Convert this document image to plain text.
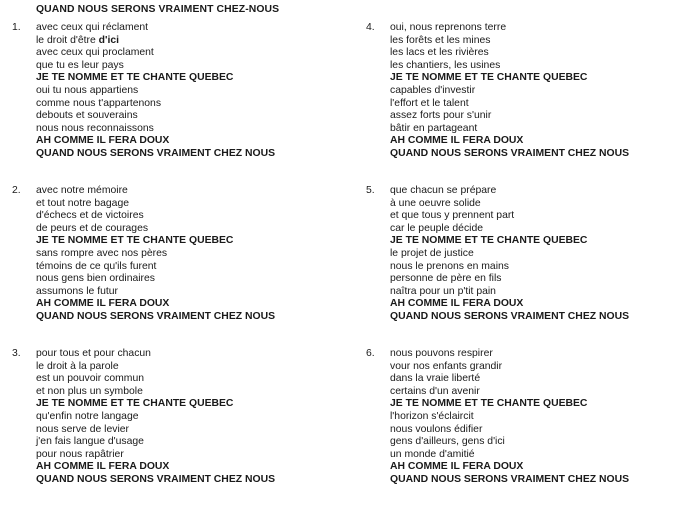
QUAND NOUS SERONS VRAIMENT CHEZ-NOUS
1.	avec ceux qui réclament
le droit d'être d'ici
avec ceux qui proclament
que tu es leur pays
JE TE NOMME ET TE CHANTE QUEBEC
oui tu nous appartiens
comme nous t'appartenons
debouts et souverains
nous nous reconnaissons
AH COMME IL FERA DOUX
QUAND NOUS SERONS VRAIMENT CHEZ NOUS
2.	avec notre mémoire
et tout notre bagage
d'échecs et de victoires
de peurs et de courages
JE TE NOMME ET TE CHANTE QUEBEC
sans rompre avec nos pères
témoins de ce qu'ils furent
nous gens bien ordinaires
assumons le futur
AH COMME IL FERA DOUX
QUAND NOUS SERONS VRAIMENT CHEZ NOUS
3.	pour tous et pour chacun
le droit à la parole
est un pouvoir commun
et non plus un symbole
JE TE NOMME ET TE CHANTE QUEBEC
qu'enfin notre langage
nous serve de levier
j'en fais langue d'usage
pour nous rapâtrier
AH COMME IL FERA DOUX
QUAND NOUS SERONS VRAIMENT CHEZ NOUS
4.	oui, nous reprenons terre
les forêts et les mines
les lacs et les rivières
les chantiers, les usines
JE TE NOMME ET TE CHANTE QUEBEC
capables d'investir
l'effort et le talent
assez forts pour s'unir
bâtir en partageant
AH COMME IL FERA DOUX
QUAND NOUS SERONS VRAIMENT CHEZ NOUS
5.	que chacun se prépare
à une oeuvre solide
et que tous y prennent part
car le peuple décide
JE TE NOMME ET TE CHANTE QUEBEC
le projet de justice
nous le prenons en mains
personne de père en fils
naîtra pour un p'tit pain
AH COMME IL FERA DOUX
QUAND NOUS SERONS VRAIMENT CHEZ NOUS
6.	nous pouvons respirer
vour nos enfants grandir
dans la vraie liberté
certains d'un avenir
JE TE NOMME ET TE CHANTE QUEBEC
l'horizon s'éclaircit
nous voulons édifier
gens d'ailleurs, gens d'ici
un monde d'amitié
AH COMME IL FERA DOUX
QUAND NOUS SERONS VRAIMENT CHEZ NOUS
